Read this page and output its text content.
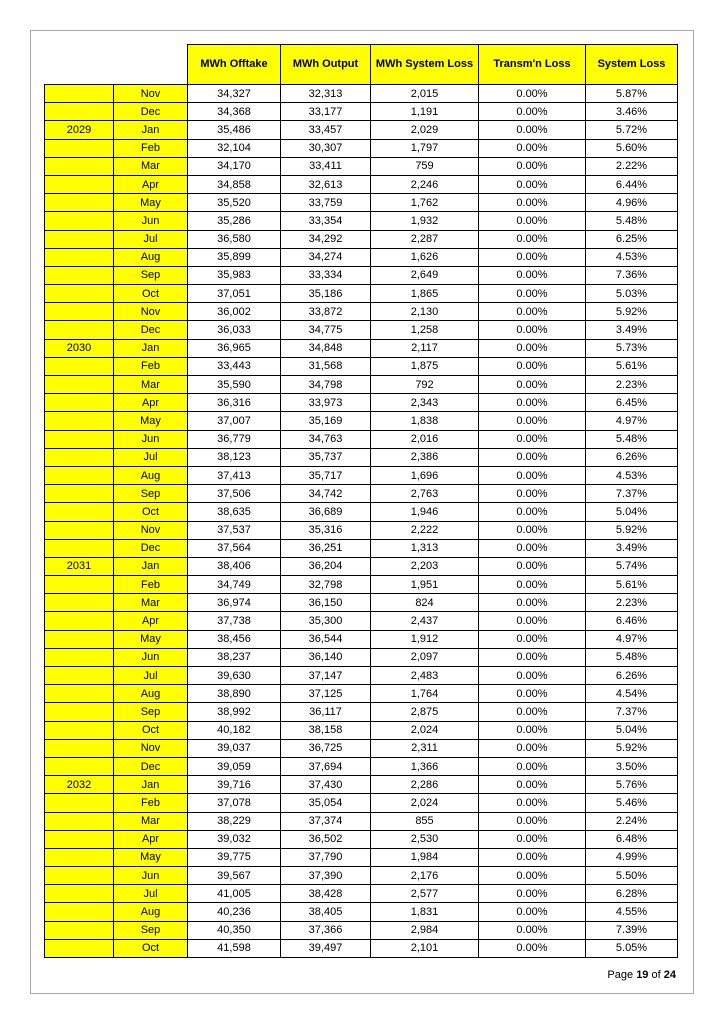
		MWh Offtake	MWh Output	MWh System Loss	Transm'n Loss	System Loss
	Nov	34,327	32,313	2,015	0.00%	5.87%
	Dec	34,368	33,177	1,191	0.00%	3.46%
2029	Jan	35,486	33,457	2,029	0.00%	5.72%
	Feb	32,104	30,307	1,797	0.00%	5.60%
	Mar	34,170	33,411	759	0.00%	2.22%
	Apr	34,858	32,613	2,246	0.00%	6.44%
	May	35,520	33,759	1,762	0.00%	4.96%
	Jun	35,286	33,354	1,932	0.00%	5.48%
	Jul	36,580	34,292	2,287	0.00%	6.25%
	Aug	35,899	34,274	1,626	0.00%	4.53%
	Sep	35,983	33,334	2,649	0.00%	7.36%
	Oct	37,051	35,186	1,865	0.00%	5.03%
	Nov	36,002	33,872	2,130	0.00%	5.92%
	Dec	36,033	34,775	1,258	0.00%	3.49%
2030	Jan	36,965	34,848	2,117	0.00%	5.73%
	Feb	33,443	31,568	1,875	0.00%	5.61%
	Mar	35,590	34,798	792	0.00%	2.23%
	Apr	36,316	33,973	2,343	0.00%	6.45%
	May	37,007	35,169	1,838	0.00%	4.97%
	Jun	36,779	34,763	2,016	0.00%	5.48%
	Jul	38,123	35,737	2,386	0.00%	6.26%
	Aug	37,413	35,717	1,696	0.00%	4.53%
	Sep	37,506	34,742	2,763	0.00%	7.37%
	Oct	38,635	36,689	1,946	0.00%	5.04%
	Nov	37,537	35,316	2,222	0.00%	5.92%
	Dec	37,564	36,251	1,313	0.00%	3.49%
2031	Jan	38,406	36,204	2,203	0.00%	5.74%
	Feb	34,749	32,798	1,951	0.00%	5.61%
	Mar	36,974	36,150	824	0.00%	2.23%
	Apr	37,738	35,300	2,437	0.00%	6.46%
	May	38,456	36,544	1,912	0.00%	4.97%
	Jun	38,237	36,140	2,097	0.00%	5.48%
	Jul	39,630	37,147	2,483	0.00%	6.26%
	Aug	38,890	37,125	1,764	0.00%	4.54%
	Sep	38,992	36,117	2,875	0.00%	7.37%
	Oct	40,182	38,158	2,024	0.00%	5.04%
	Nov	39,037	36,725	2,311	0.00%	5.92%
	Dec	39,059	37,694	1,366	0.00%	3.50%
2032	Jan	39,716	37,430	2,286	0.00%	5.76%
	Feb	37,078	35,054	2,024	0.00%	5.46%
	Mar	38,229	37,374	855	0.00%	2.24%
	Apr	39,032	36,502	2,530	0.00%	6.48%
	May	39,775	37,790	1,984	0.00%	4.99%
	Jun	39,567	37,390	2,176	0.00%	5.50%
	Jul	41,005	38,428	2,577	0.00%	6.28%
	Aug	40,236	38,405	1,831	0.00%	4.55%
	Sep	40,350	37,366	2,984	0.00%	7.39%
	Oct	41,598	39,497	2,101	0.00%	5.05%
Page 19 of 24
